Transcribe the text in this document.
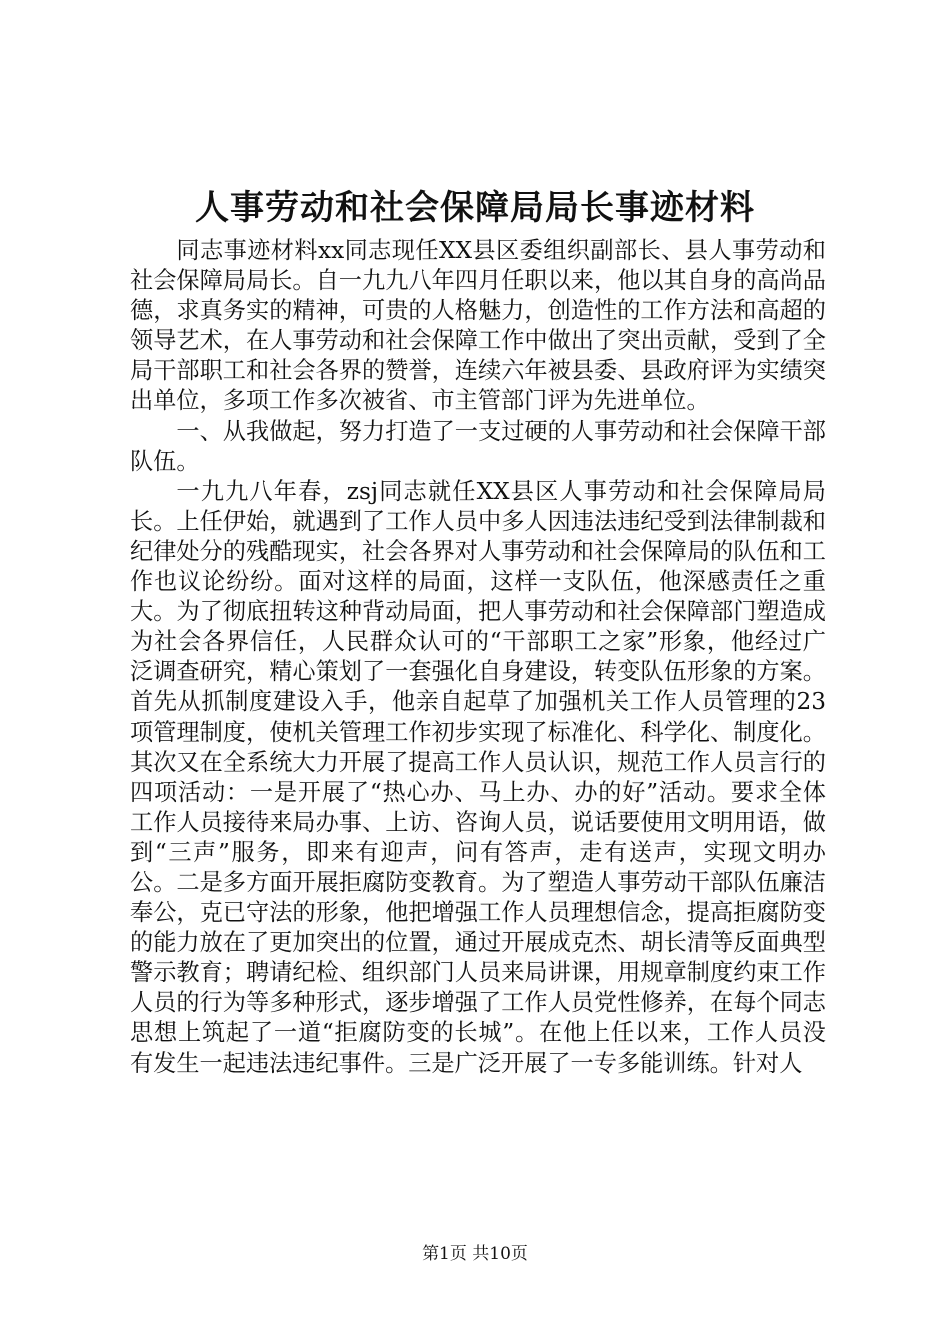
人事劳动和社会保障局局长事迹材料

同志事迹材料xx同志现任XX县区委组织副部长、县人事劳动和社会保障局局长。自一九九八年四月任职以来，他以其自身的高尚品德，求真务实的精神，可贵的人格魅力，创造性的工作方法和高超的领导艺术，在人事劳动和社会保障工作中做出了突出贡献，受到了全局干部职工和社会各界的赞誉，连续六年被县委、县政府评为实绩突出单位，多项工作多次被省、市主管部门评为先进单位。

一、从我做起，努力打造了一支过硬的人事劳动和社会保障干部队伍。

一九九八年春，zsj同志就任XX县区人事劳动和社会保障局局长。上任伊始，就遇到了工作人员中多人因违法违纪受到法律制裁和纪律处分的残酷现实，社会各界对人事劳动和社会保障局的队伍和工作也议论纷纷。面对这样的局面，这样一支队伍，他深感责任之重大。为了彻底扭转这种背动局面，把人事劳动和社会保障部门塑造成为社会各界信任，人民群众认可的“干部职工之家”形象，他经过广泛调查研究，精心策划了一套强化自身建设，转变队伍形象的方案。首先从抓制度建设入手，他亲自起草了加强机关工作人员管理的23项管理制度，使机关管理工作初步实现了标准化、科学化、制度化。其次又在全系统大力开展了提高工作人员认识，规范工作人员言行的四项活动：一是开展了“热心办、马上办、办的好”活动。要求全体工作人员接待来局办事、上访、咨询人员，说话要使用文明用语，做到“三声”服务，即来有迎声，问有答声，走有送声，实现文明办公。二是多方面开展拒腐防变教育。为了塑造人事劳动干部队伍廉洁奉公，克已守法的形象，他把增强工作人员理想信念，提高拒腐防变的能力放在了更加突出的位置，通过开展成克杰、胡长清等反面典型警示教育；聘请纪检、组织部门人员来局讲课，用规章制度约束工作人员的行为等多种形式，逐步增强了工作人员党性修养，在每个同志思想上筑起了一道“拒腐防变的长城”。在他上任以来，工作人员没有发生一起违法违纪事件。三是广泛开展了一专多能训练。针对人

第1页 共10页
